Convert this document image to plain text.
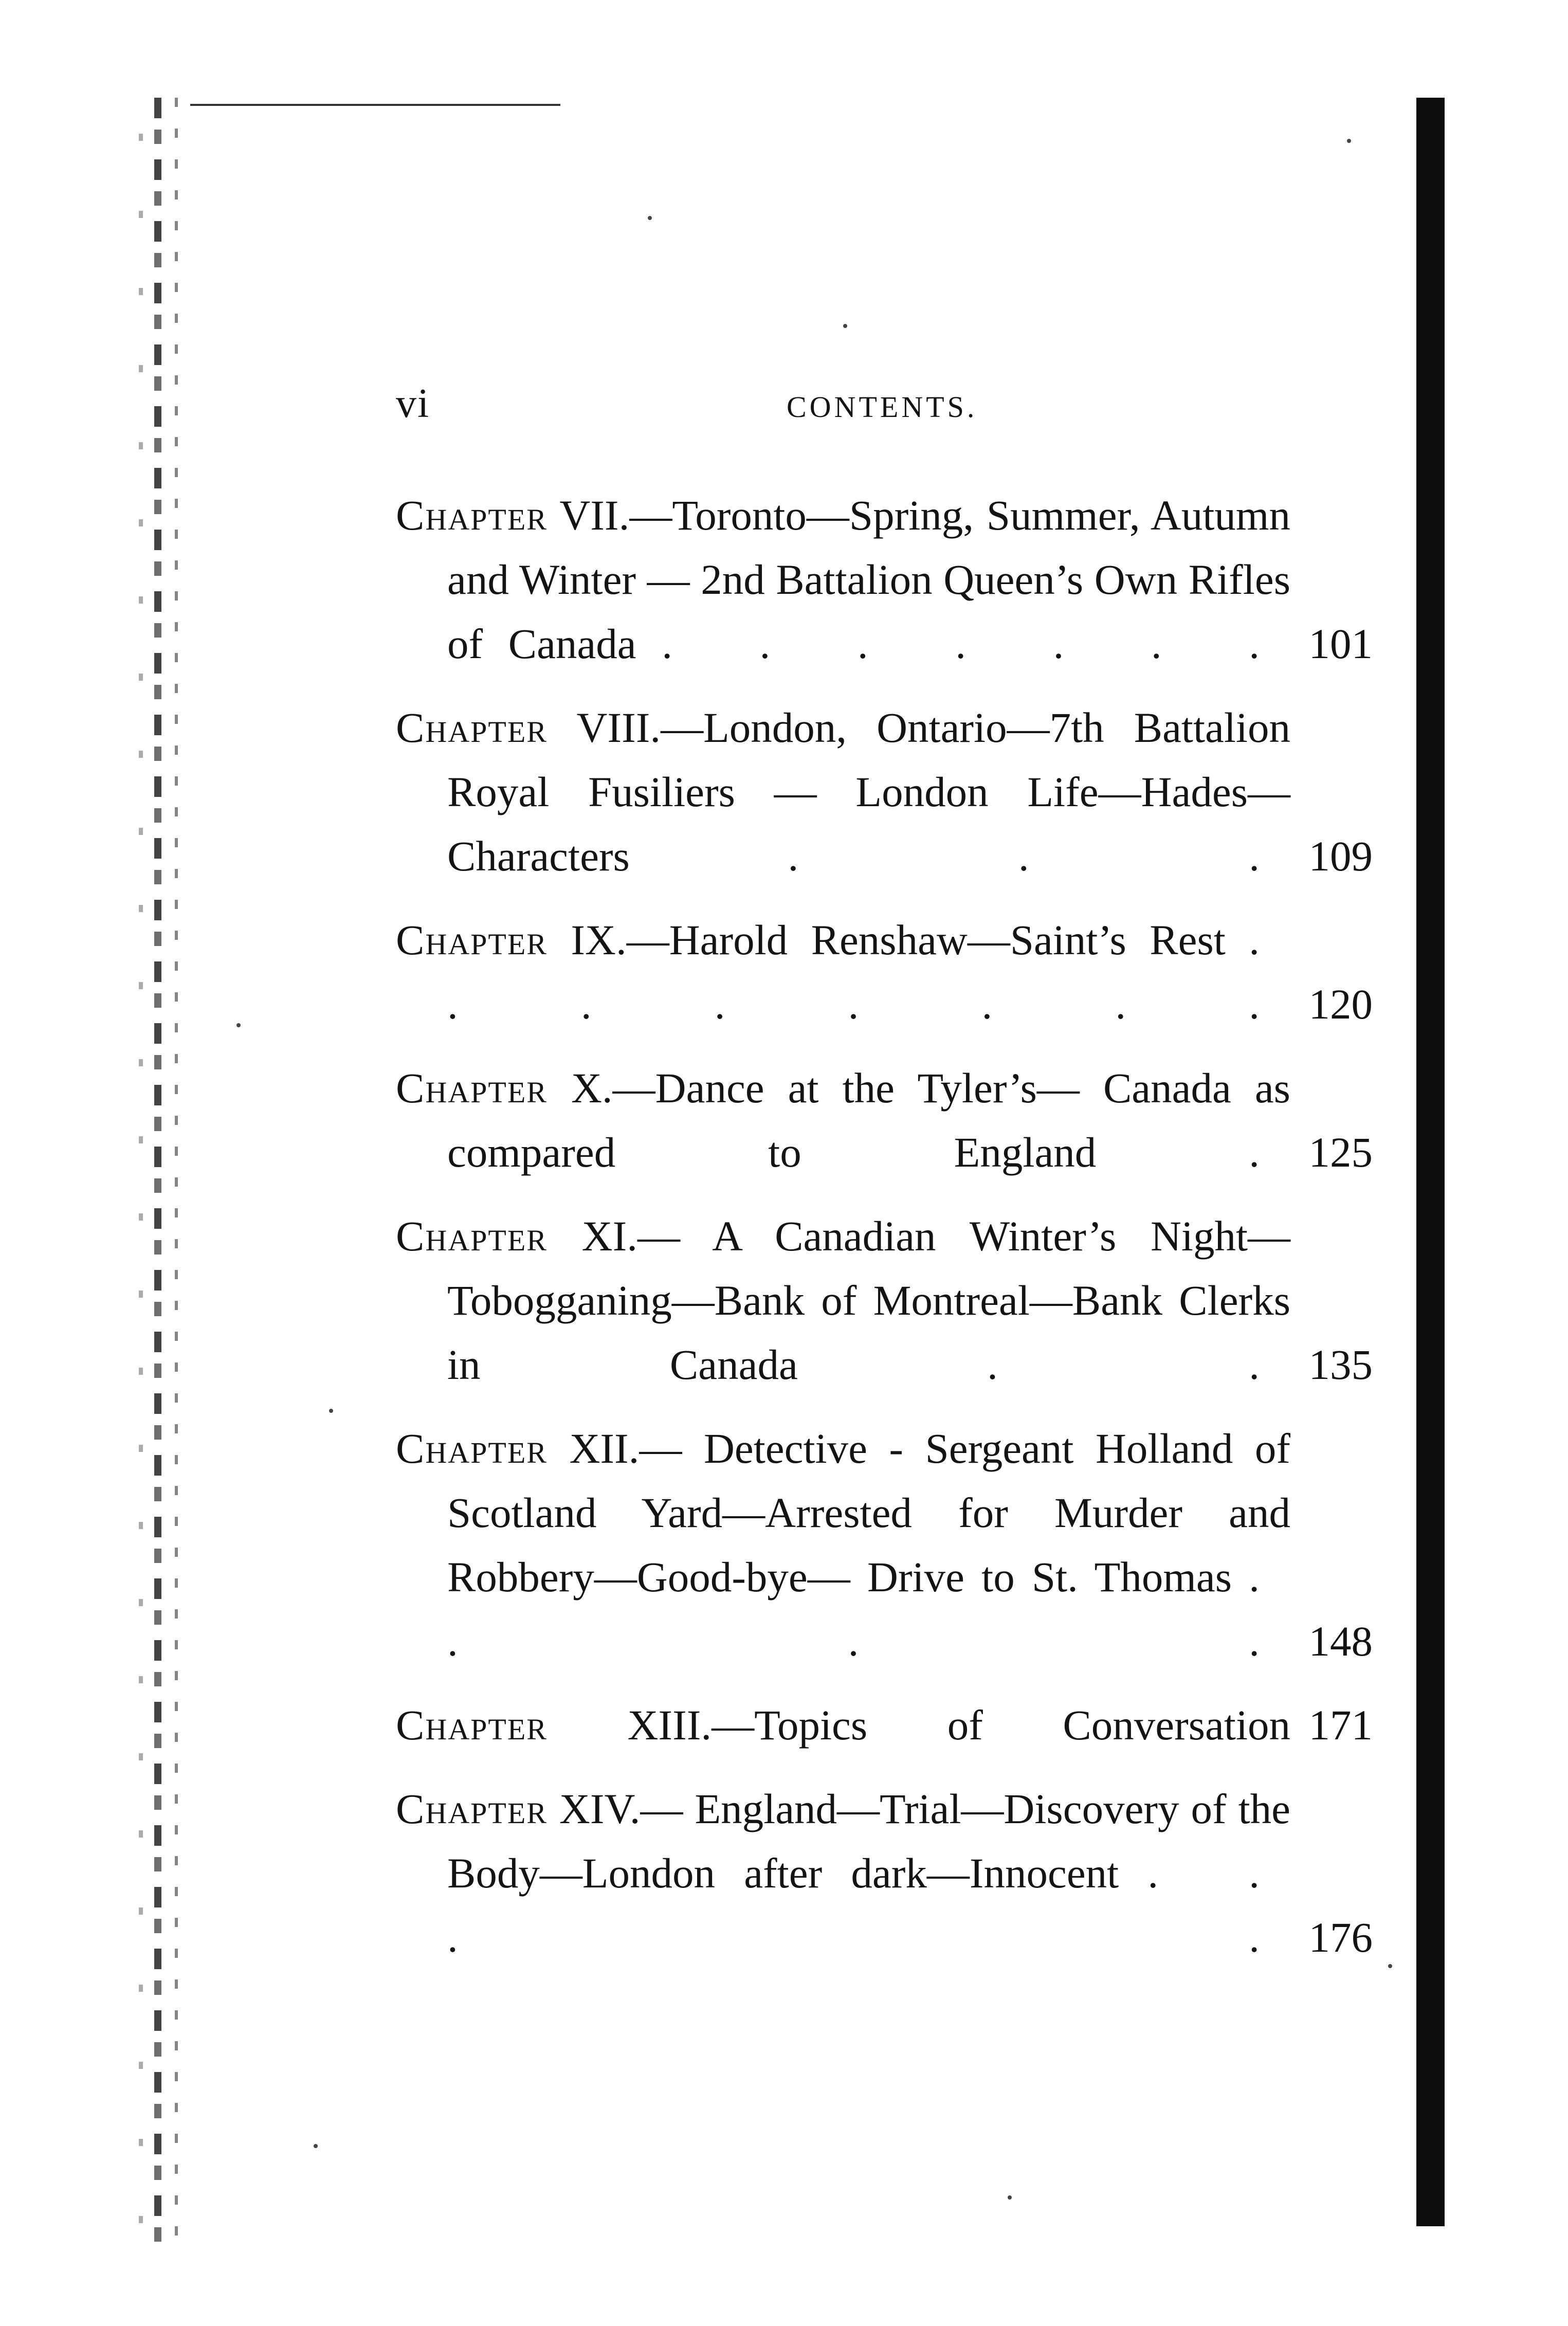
vi	CONTENTS.
Chapter VII.—Toronto—Spring, Summer, Autumn and Winter — 2nd Battalion Queen’s Own Rifles of Canada . . . . . . . 101
Chapter VIII.—London, Ontario—7th Battalion Royal Fusiliers — London Life—Hades—Characters	. . . 109
Chapter IX.—Harold Renshaw—Saint’s Rest . . . . . . . . 120
Chapter X.—Dance at the Tyler’s— Canada as compared to England	. 125
Chapter XI.— A Canadian Winter’s Night—Tobogganing—Bank of Montreal—Bank Clerks in Canada	. . 135
Chapter XII.— Detective - Sergeant Holland of Scotland Yard—Arrested for Murder and Robbery—Good-bye— Drive to St. Thomas . . . . 148
Chapter XIII.—Topics of Conversation 171
Chapter XIV.— England—Trial—Discovery of the Body—London after dark—Innocent . . . . 176
